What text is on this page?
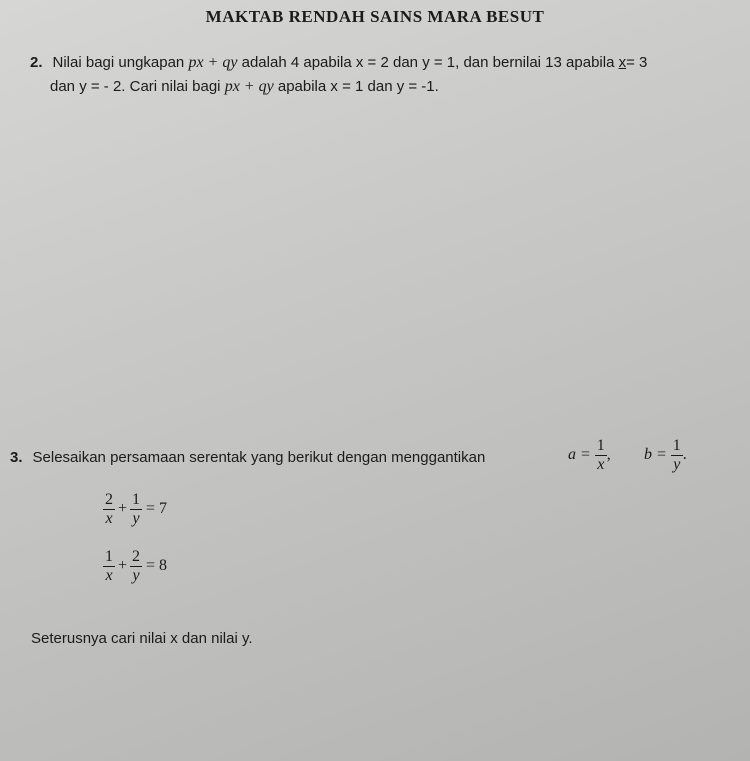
MAKTAB RENDAH SAINS MARA BESUT
2. Nilai bagi ungkapan px + qy adalah 4 apabila x = 2 dan y = 1, dan bernilai 13 apabila x= 3
dan y = - 2. Cari nilai bagi px + qy apabila x = 1 dan y = -1.
3. Selesaikan persamaan serentak yang berikut dengan menggantikan	$a = \frac{1}{x}$ , $b = \frac{1}{y}$ .
$\frac{2}{x} + \frac{1}{y} = 7$
$\frac{1}{x} + \frac{2}{y} = 8$
Seterusnya cari nilai x dan nilai y.
